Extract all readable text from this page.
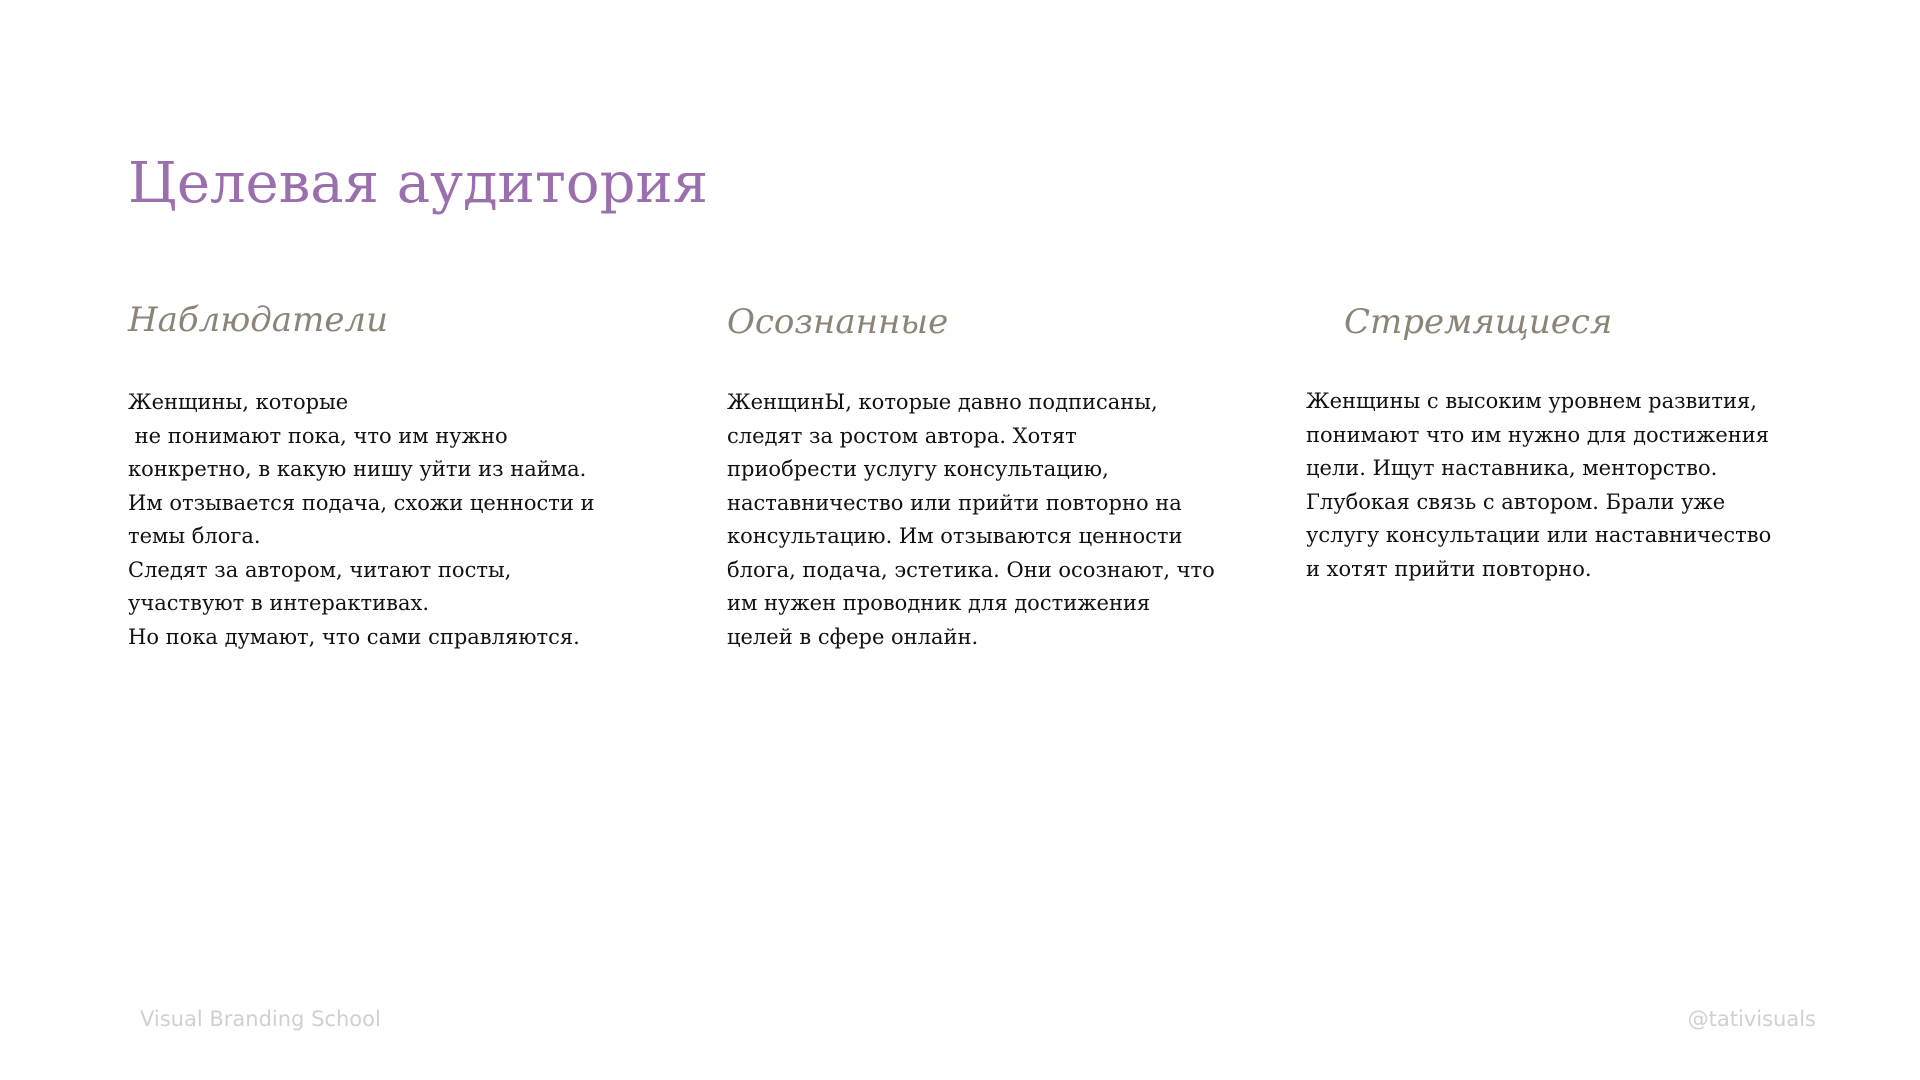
Целевая аудитория
Наблюдатели

Женщины, которые
не понимают пока, что им нужно
конкретно, в какую нишу уйти из найма.
Им отзывается подача, схожи ценности и
темы блога.
Следят за автором, читают посты,
участвуют в интерактивах.
Но пока думают, что сами справляются.

Осознанные

ЖенщинЫ, которые давно подписаны,
следят за ростом автора. Хотят
приобрести услугу консультацию,
наставничество или прийти повторно на
консультацию. Им отзываются ценности
блога, подача, эстетика. Они осознают, что
им нужен проводник для достижения
целей в сфере онлайн.

Стремящиеся

Женщины с высоким уровнем развития,
понимают что им нужно для достижения
цели. Ищут наставника, менторство.
Глубокая связь с автором. Брали уже
услугу консультации или наставничество
и хотят прийти повторно.

Visual Branding School	@tativisuals
